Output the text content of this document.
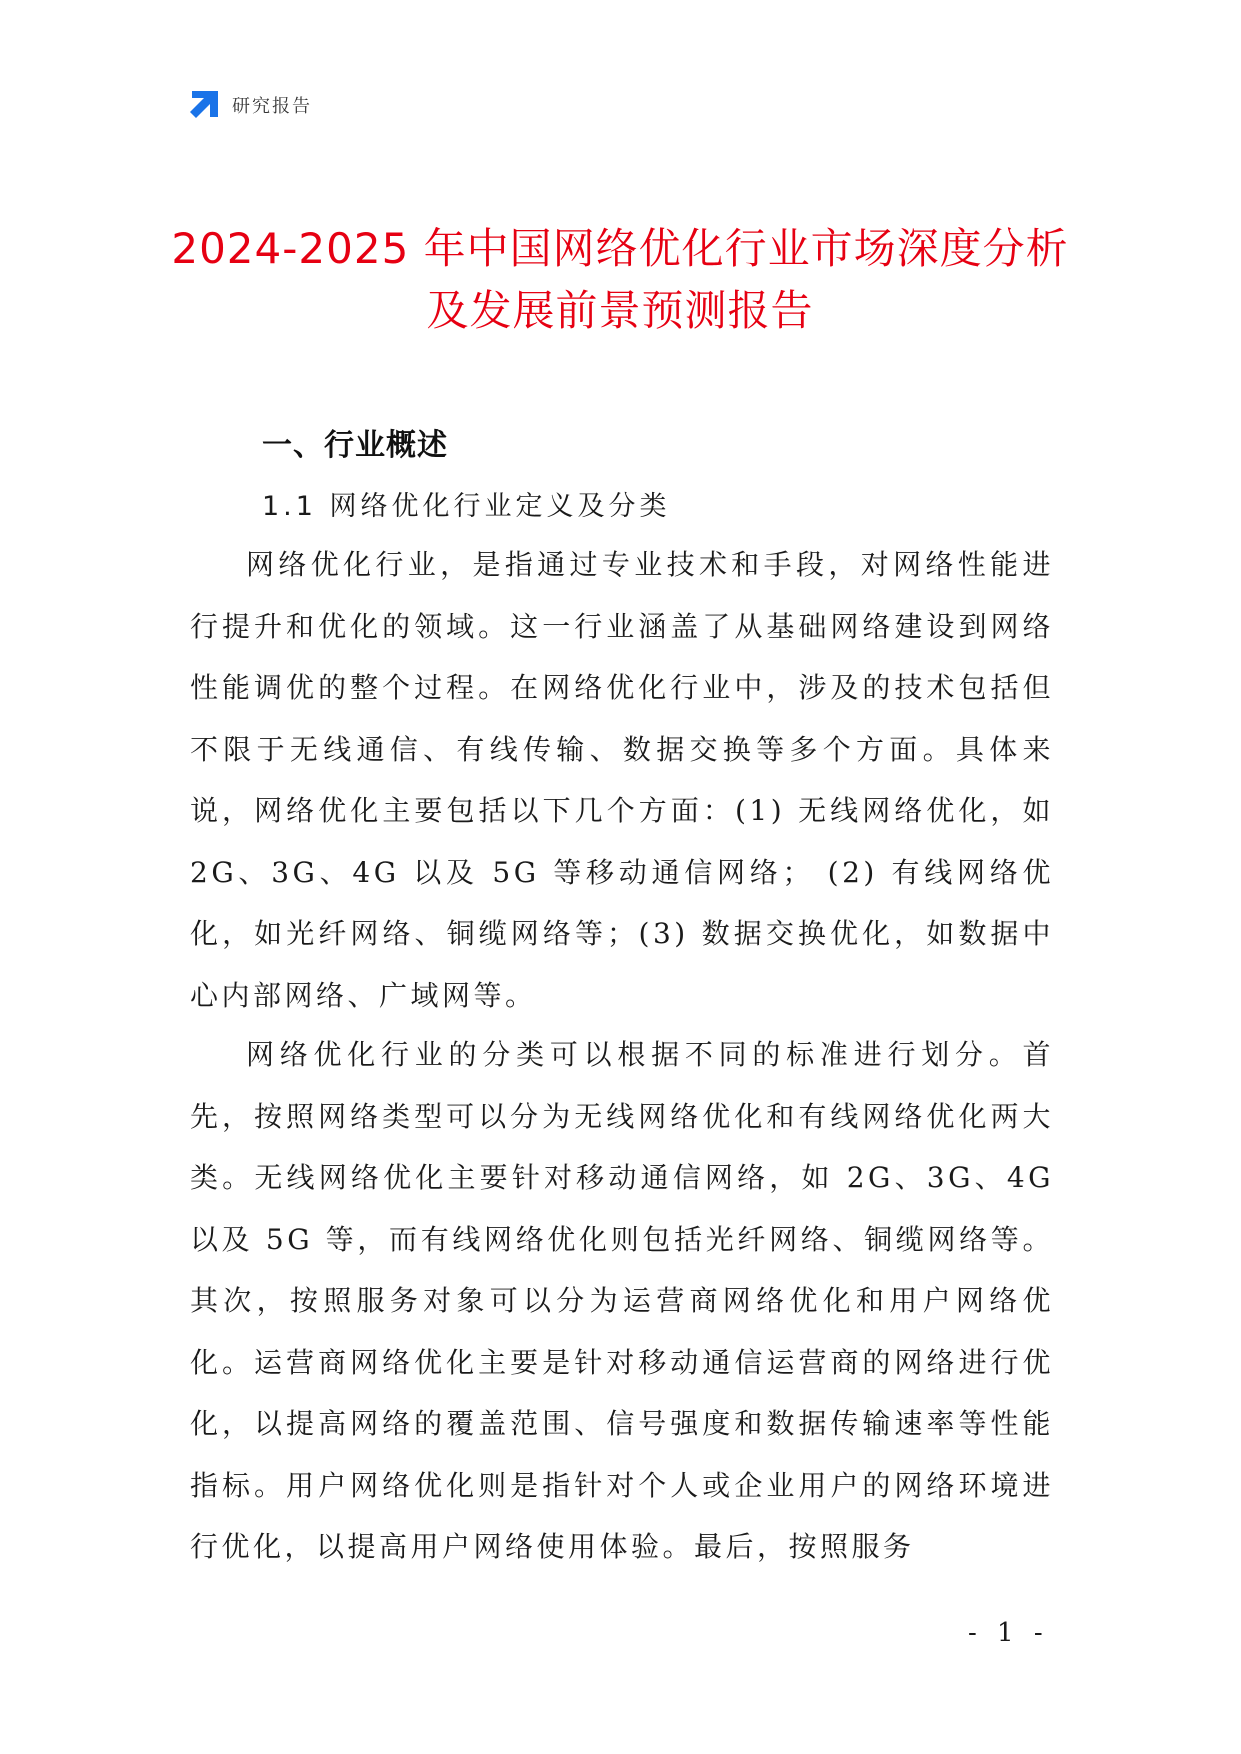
研究报告
2024-2025 年中国网络优化行业市场深度分析及发展前景预测报告
一、行业概述
1.1 网络优化行业定义及分类

网络优化行业，是指通过专业技术和手段，对网络性能进行提升和优化的领域。这一行业涵盖了从基础网络建设到网络性能调优的整个过程。在网络优化行业中，涉及的技术包括但不限于无线通信、有线传输、数据交换等多个方面。具体来说，网络优化主要包括以下几个方面：(1) 无线网络优化，如 2G、3G、4G 以及 5G 等移动通信网络； (2) 有线网络优化，如光纤网络、铜缆网络等；(3) 数据交换优化，如数据中心内部网络、广域网等。

网络优化行业的分类可以根据不同的标准进行划分。首先，按照网络类型可以分为无线网络优化和有线网络优化两大类。无线网络优化主要针对移动通信网络，如 2G、3G、4G 以及 5G 等，而有线网络优化则包括光纤网络、铜缆网络等。其次，按照服务对象可以分为运营商网络优化和用户网络优化。运营商网络优化主要是针对移动通信运营商的网络进行优化，以提高网络的覆盖范围、信号强度和数据传输速率等性能指标。用户网络优化则是指针对个人或企业用户的网络环境进行优化，以提高用户网络使用体验。最后，按照服务

- 1 -
